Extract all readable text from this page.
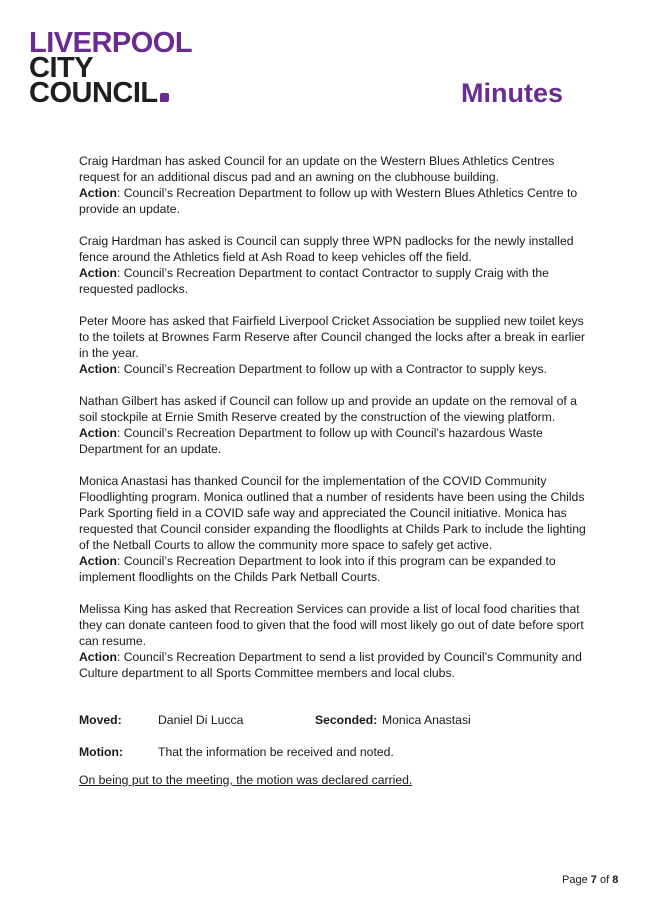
LIVERPOOL
CITY
COUNCIL	Minutes

Craig Hardman has asked Council for an update on the Western Blues Athletics Centres request for an additional discus pad and an awning on the clubhouse building.

Action: Council’s Recreation Department to follow up with Western Blues Athletics Centre to provide an update.

Craig Hardman has asked is Council can supply three WPN padlocks for the newly installed fence around the Athletics field at Ash Road to keep vehicles off the field.

Action: Council’s Recreation Department to contact Contractor to supply Craig with the requested padlocks.

Peter Moore has asked that Fairfield Liverpool Cricket Association be supplied new toilet keys to the toilets at Brownes Farm Reserve after Council changed the locks after a break in earlier in the year.

Action: Council’s Recreation Department to follow up with a Contractor to supply keys.

Nathan Gilbert has asked if Council can follow up and provide an update on the removal of a soil stockpile at Ernie Smith Reserve created by the construction of the viewing platform.

Action: Council’s Recreation Department to follow up with Council’s hazardous Waste Department for an update.

Monica Anastasi has thanked Council for the implementation of the COVID Community Floodlighting program. Monica outlined that a number of residents have been using the Childs Park Sporting field in a COVID safe way and appreciated the Council initiative. Monica has requested that Council consider expanding the floodlights at Childs Park to include the lighting of the Netball Courts to allow the community more space to safely get active.

Action: Council’s Recreation Department to look into if this program can be expanded to implement floodlights on the Childs Park Netball Courts.

Melissa King has asked that Recreation Services can provide a list of local food charities that they can donate canteen food to given that the food will most likely go out of date before sport can resume.

Action: Council’s Recreation Department to send a list provided by Council’s Community and Culture department to all Sports Committee members and local clubs.

Moved:	Daniel Di Lucca	Seconded: Monica Anastasi
Motion:	That the information be received and noted.
On being put to the meeting, the motion was declared carried.
Page 7 of 8
